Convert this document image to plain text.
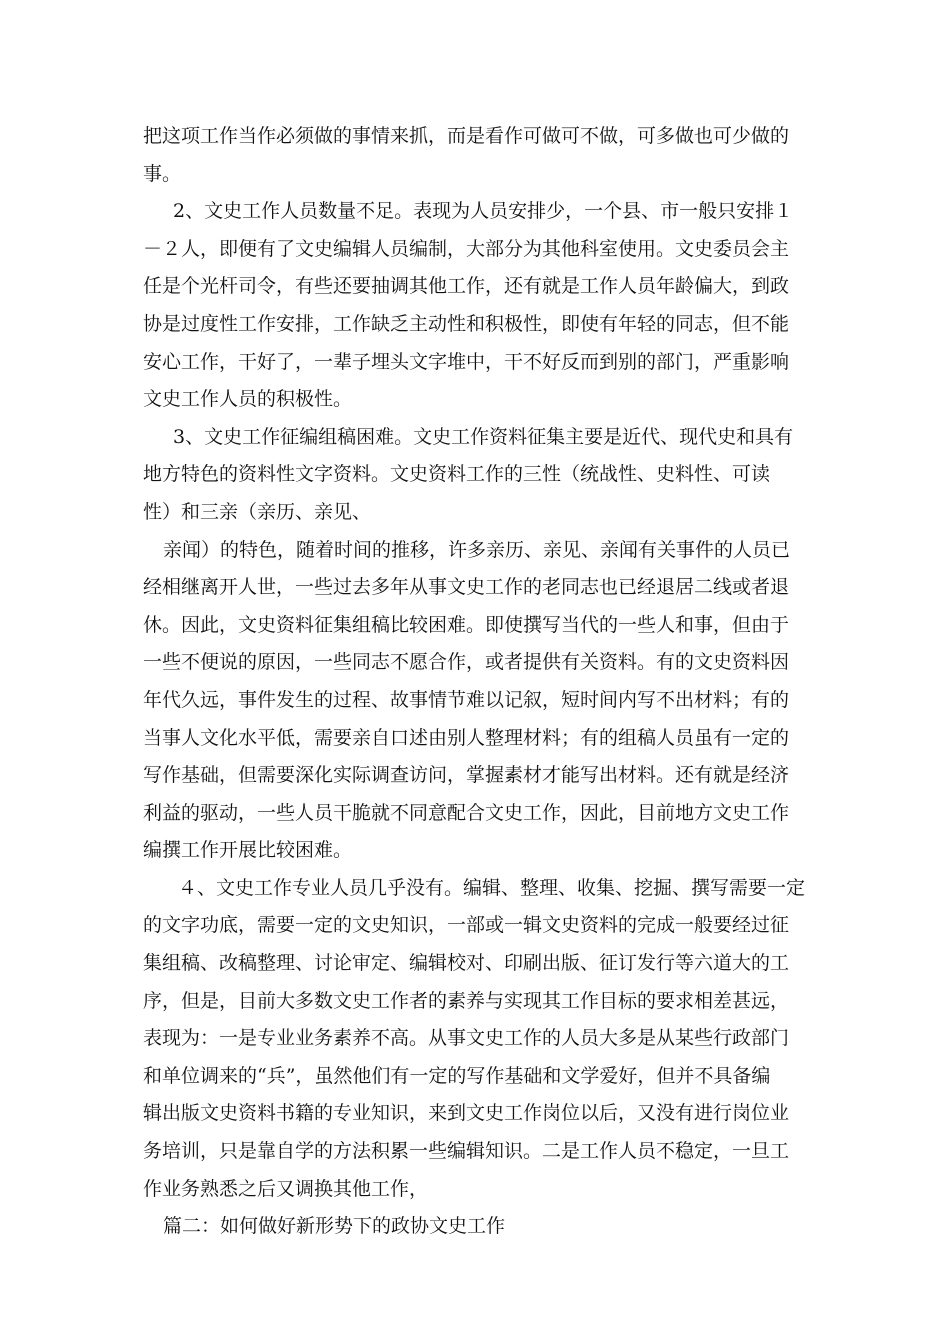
把这项工作当作必须做的事情来抓，而是看作可做可不做，可多做也可少做的
事。
2、文史工作人员数量不足。表现为人员安排少，一个县、市一般只安排１
－２人，即便有了文史编辑人员编制，大部分为其他科室使用。文史委员会主
任是个光杆司令，有些还要抽调其他工作，还有就是工作人员年龄偏大，到政
协是过度性工作安排，工作缺乏主动性和积极性，即使有年轻的同志，但不能
安心工作，干好了，一辈子埋头文字堆中，干不好反而到别的部门，严重影响
文史工作人员的积极性。
3、文史工作征编组稿困难。文史工作资料征集主要是近代、现代史和具有
地方特色的资料性文字资料。文史资料工作的三性（统战性、史料性、可读
性）和三亲（亲历、亲见、
亲闻）的特色，随着时间的推移，许多亲历、亲见、亲闻有关事件的人员已
经相继离开人世，一些过去多年从事文史工作的老同志也已经退居二线或者退
休。因此，文史资料征集组稿比较困难。即使撰写当代的一些人和事，但由于
一些不便说的原因，一些同志不愿合作，或者提供有关资料。有的文史资料因
年代久远，事件发生的过程、故事情节难以记叙，短时间内写不出材料；有的
当事人文化水平低，需要亲自口述由别人整理材料；有的组稿人员虽有一定的
写作基础，但需要深化实际调查访问，掌握素材才能写出材料。还有就是经济
利益的驱动，一些人员干脆就不同意配合文史工作，因此，目前地方文史工作
编撰工作开展比较困难。
４、文史工作专业人员几乎没有。编辑、整理、收集、挖掘、撰写需要一定
的文字功底，需要一定的文史知识，一部或一辑文史资料的完成一般要经过征
集组稿、改稿整理、讨论审定、编辑校对、印刷出版、征订发行等六道大的工
序，但是，目前大多数文史工作者的素养与实现其工作目标的要求相差甚远，
表现为：一是专业业务素养不高。从事文史工作的人员大多是从某些行政部门
和单位调来的“兵”，虽然他们有一定的写作基础和文学爱好，但并不具备编
辑出版文史资料书籍的专业知识，来到文史工作岗位以后，又没有进行岗位业
务培训，只是靠自学的方法积累一些编辑知识。二是工作人员不稳定，一旦工
作业务熟悉之后又调换其他工作，
篇二：如何做好新形势下的政协文史工作
